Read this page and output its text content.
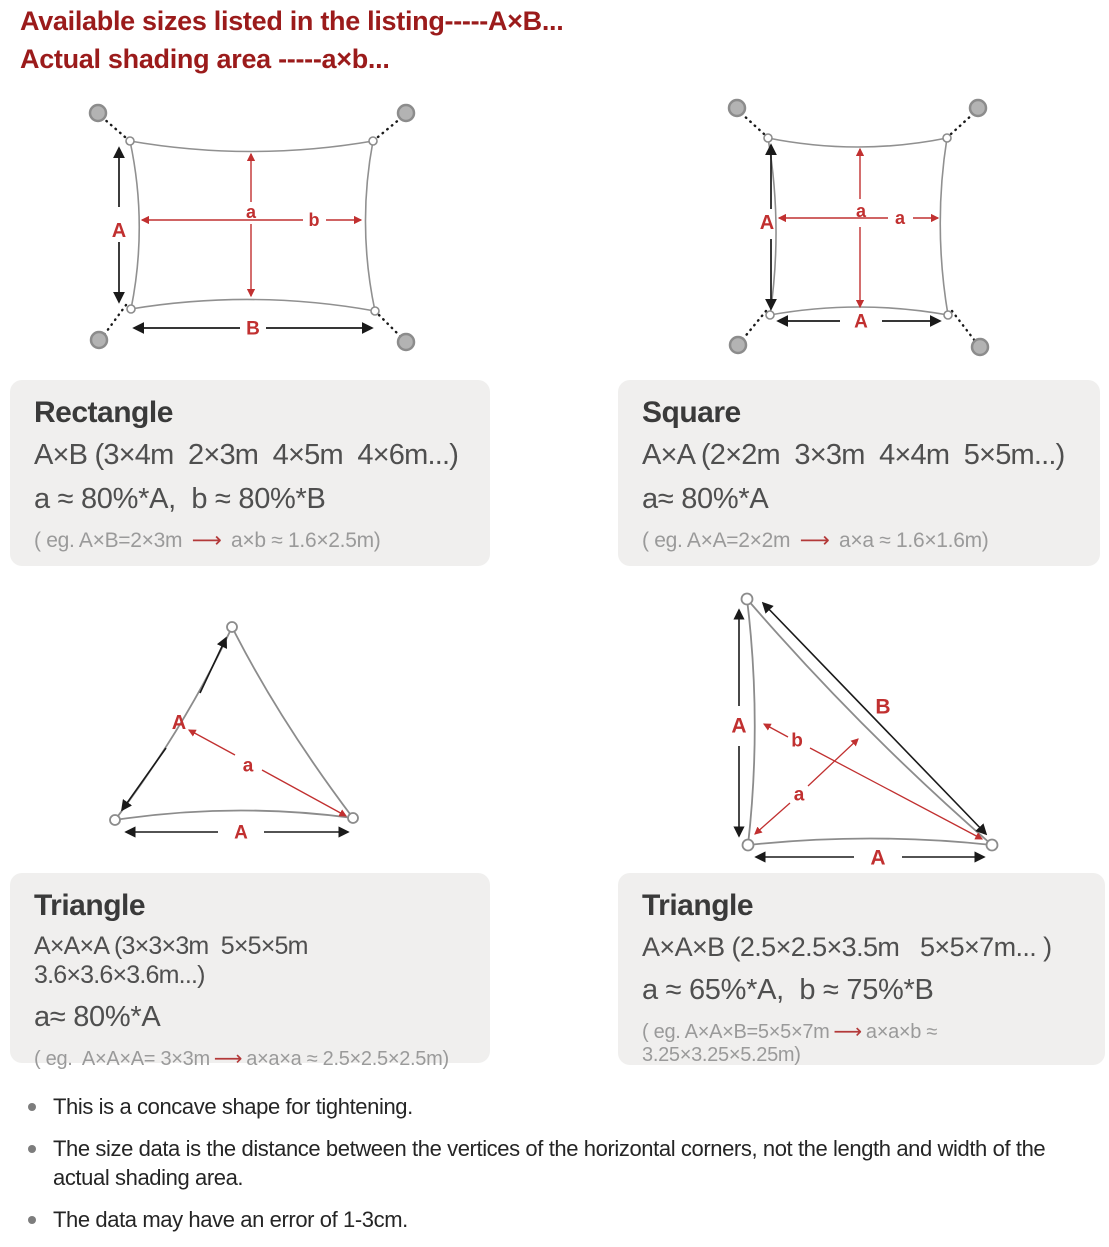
Available sizes listed in the listing-----A×B...
Actual shading area -----a×b...
A
B
a	b	A
A
a a
Rectangle
A×B (3×4m  2×3m  4×5m  4×6m...)
a ≈ 80%*A,  b ≈ 80%*B
( eg. A×B=2×3m ⟶ a×b ≈ 1.6×2.5m)
Square
A×A (2×2m  3×3m  4×4m  5×5m...)
a≈ 80%*A
( eg. A×A=2×2m ⟶ a×a ≈ 1.6×1.6m)
A
A
a
A
B
A
b
a
Triangle
A×A×A (3×3×3m  5×5×5m  3.6×3.6×3.6m...)
a≈ 80%*A
( eg.  A×A×A= 3×3m ⟶ a×a×a ≈ 2.5×2.5×2.5m)
Triangle
A×A×B (2.5×2.5×3.5m   5×5×7m... )
a ≈ 65%*A,  b ≈ 75%*B
( eg. A×A×B=5×5×7m ⟶ a×a×b ≈ 3.25×3.25×5.25m)
This is a concave shape for tightening.
The size data is the distance between the vertices of the horizontal corners, not the length and width of the actual shading area.
The data may have an error of 1-3cm.
